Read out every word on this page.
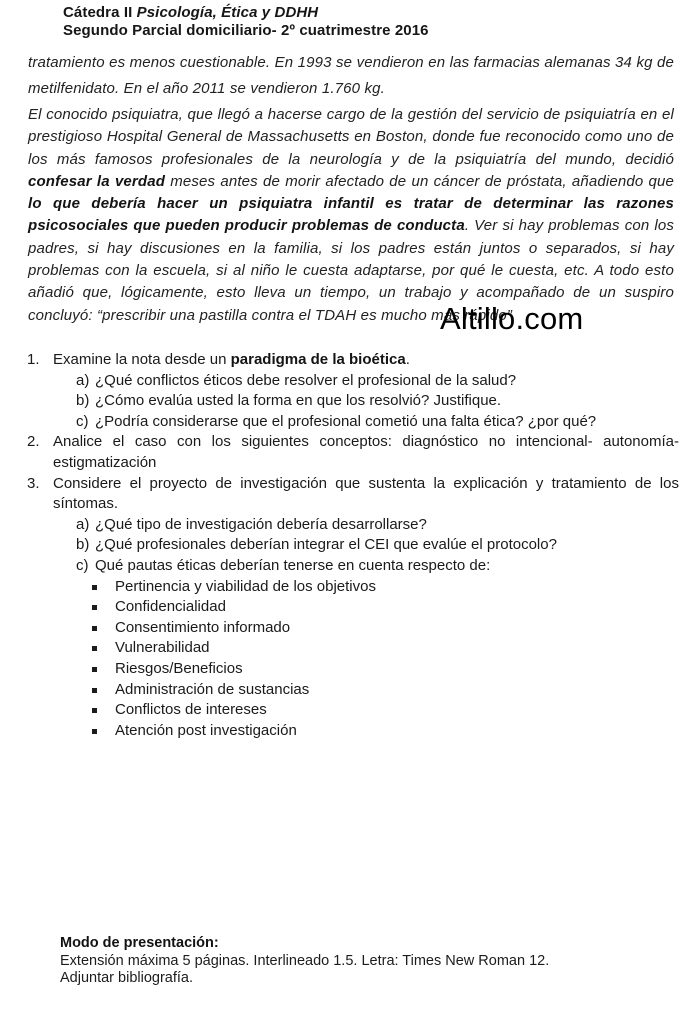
Cátedra II Psicología, Ética y DDHH
Segundo Parcial domiciliario- 2º cuatrimestre 2016
tratamiento es menos cuestionable. En 1993 se vendieron en las farmacias alemanas 34 kg de metilfenidato. En el año 2011 se vendieron 1.760 kg.
El conocido psiquiatra, que llegó a hacerse cargo de la gestión del servicio de psiquiatría en el prestigioso Hospital General de Massachusetts en Boston, donde fue reconocido como uno de los más famosos profesionales de la neurología y de la psiquiatría del mundo, decidió confesar la verdad meses antes de morir afectado de un cáncer de próstata, añadiendo que lo que debería hacer un psiquiatra infantil es tratar de determinar las razones psicosociales que pueden producir problemas de conducta. Ver si hay problemas con los padres, si hay discusiones en la familia, si los padres están juntos o separados, si hay problemas con la escuela, si al niño le cuesta adaptarse, por qué le cuesta, etc. A todo esto añadió que, lógicamente, esto lleva un tiempo, un trabajo y acompañado de un suspiro concluyó: “prescribir una pastilla contra el TDAH es mucho más rápido”
Altillo.com
1. Examine la nota desde un paradigma de la bioética.
a) ¿Qué conflictos éticos debe resolver el profesional de la salud?
b) ¿Cómo evalúa usted la forma en que los resolvió? Justifique.
c) ¿Podría considerarse que el profesional cometió una falta ética? ¿por qué?
2. Analice el caso con los siguientes conceptos: diagnóstico no intencional- autonomía-estigmatización
3. Considere el proyecto de investigación que sustenta la explicación y tratamiento de los síntomas.
a) ¿Qué tipo de investigación debería desarrollarse?
b) ¿Qué profesionales deberían integrar el CEI que evalúe el protocolo?
c) Qué pautas éticas deberían tenerse en cuenta respecto de:
Pertinencia y viabilidad de los objetivos
Confidencialidad
Consentimiento informado
Vulnerabilidad
Riesgos/Beneficios
Administración de sustancias
Conflictos de intereses
Atención post investigación
Modo de presentación:
Extensión máxima 5 páginas. Interlineado 1.5. Letra: Times New Roman 12.
Adjuntar bibliografía.
